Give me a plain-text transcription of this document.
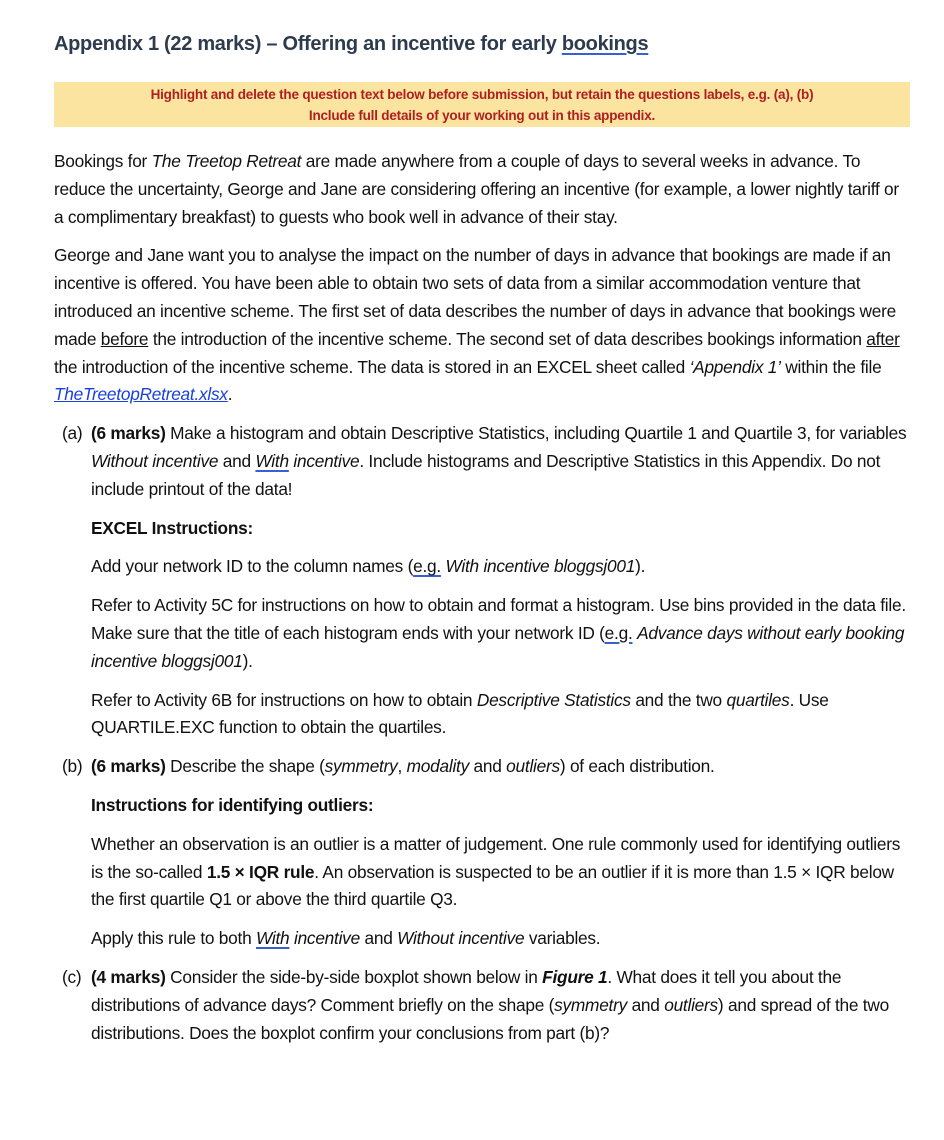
Appendix 1 (22 marks) – Offering an incentive for early bookings
Highlight and delete the question text below before submission, but retain the questions labels, e.g. (a), (b)
Include full details of your working out in this appendix.
Bookings for The Treetop Retreat are made anywhere from a couple of days to several weeks in advance. To reduce the uncertainty, George and Jane are considering offering an incentive (for example, a lower nightly tariff or a complimentary breakfast) to guests who book well in advance of their stay.
George and Jane want you to analyse the impact on the number of days in advance that bookings are made if an incentive is offered. You have been able to obtain two sets of data from a similar accommodation venture that introduced an incentive scheme. The first set of data describes the number of days in advance that bookings were made before the introduction of the incentive scheme. The second set of data describes bookings information after the introduction of the incentive scheme. The data is stored in an EXCEL sheet called ‘Appendix 1’ within the file TheTreetopRetreat.xlsx.
(a) (6 marks) Make a histogram and obtain Descriptive Statistics, including Quartile 1 and Quartile 3, for variables Without incentive and With incentive. Include histograms and Descriptive Statistics in this Appendix. Do not include printout of the data!
EXCEL Instructions:
Add your network ID to the column names (e.g. With incentive bloggsj001).
Refer to Activity 5C for instructions on how to obtain and format a histogram. Use bins provided in the data file. Make sure that the title of each histogram ends with your network ID (e.g. Advance days without early booking incentive bloggsj001).
Refer to Activity 6B for instructions on how to obtain Descriptive Statistics and the two quartiles. Use QUARTILE.EXC function to obtain the quartiles.
(b) (6 marks) Describe the shape (symmetry, modality and outliers) of each distribution.
Instructions for identifying outliers:
Whether an observation is an outlier is a matter of judgement. One rule commonly used for identifying outliers is the so-called 1.5 × IQR rule. An observation is suspected to be an outlier if it is more than 1.5 × IQR below the first quartile Q1 or above the third quartile Q3.
Apply this rule to both With incentive and Without incentive variables.
(c) (4 marks) Consider the side-by-side boxplot shown below in Figure 1. What does it tell you about the distributions of advance days? Comment briefly on the shape (symmetry and outliers) and spread of the two distributions. Does the boxplot confirm your conclusions from part (b)?
